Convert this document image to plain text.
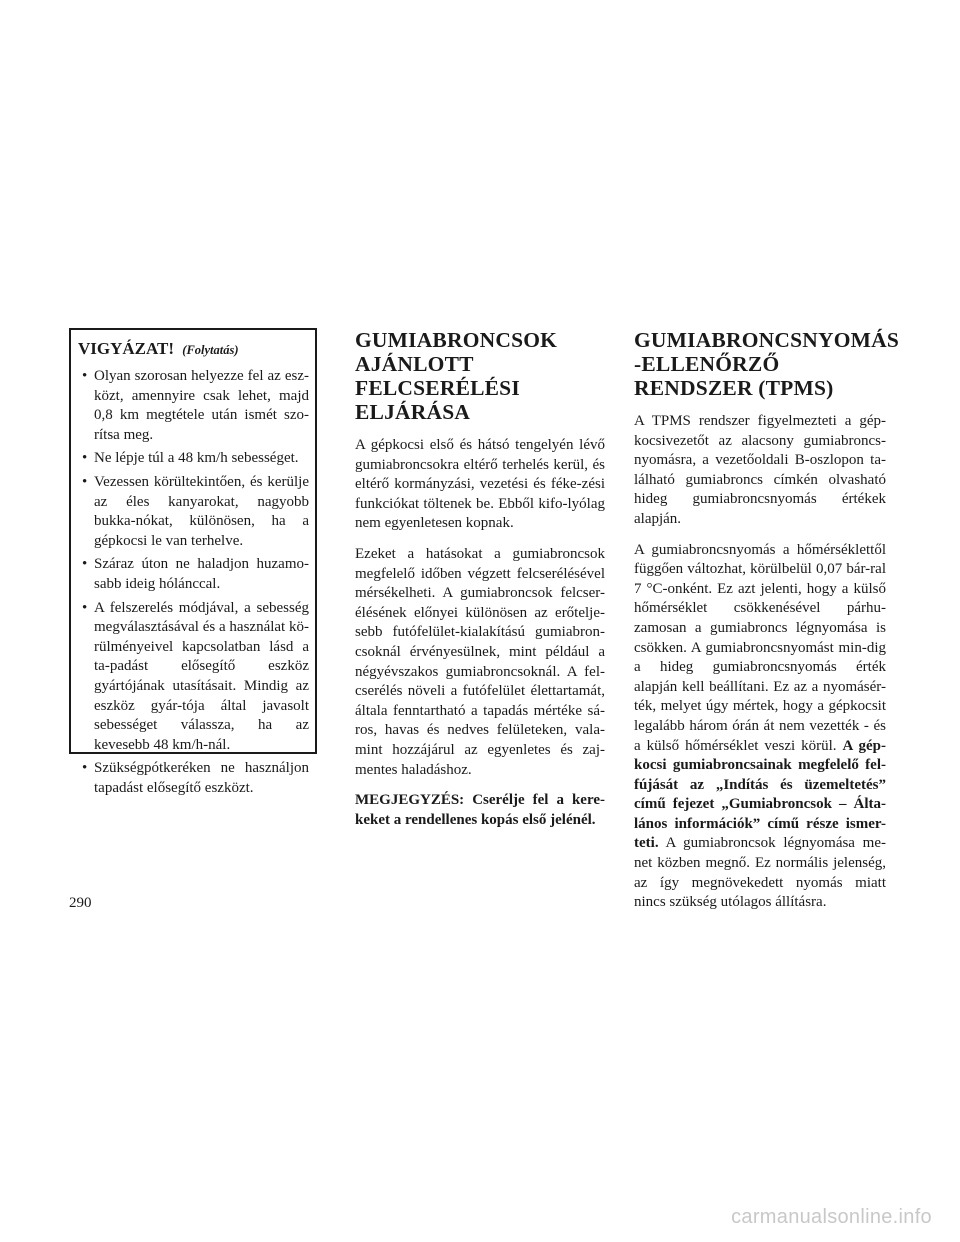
VIGYÁZAT! (Folytatás)
• Olyan szorosan helyezze fel az esz-közt, amennyire csak lehet, majd 0,8 km megtétele után ismét szo-rítsa meg.
• Ne lépje túl a 48 km/h sebességet.
• Vezessen körültekintően, és kerülje az éles kanyarokat, nagyobb bukka-nókat, különösen, ha a gépkocsi le van terhelve.
• Száraz úton ne haladjon huzamo-sabb ideig hólánccal.
• A felszerelés módjával, a sebesség megválasztásával és a használat kö-rülményeivel kapcsolatban lásd a ta-padást elősegítő eszköz gyártójának utasításait. Mindig az eszköz gyár-tója által javasolt sebességet válassza, ha az kevesebb 48 km/h-nál.
• Szükségpótkeréken ne használjon tapadást elősegítő eszközt.
GUMIABRONCSOK AJÁNLOTT FELCSERÉLÉSI ELJÁRÁSA

A gépkocsi első és hátsó tengelyén lévő gumiabroncsokra eltérő terhelés kerül, és eltérő kormányzási, vezetési és féke-zési funkciókat töltenek be. Ebből kifo-lyólag nem egyenletesen kopnak.

Ezeket a hatásokat a gumiabroncsok megfelelő időben végzett felcserélésével mérsékelheti. A gumiabroncsok felcser-élésének előnyei különösen az erőtelje-sebb futófelület-kialakítású gumiabron-csoknál érvényesülnek, mint például a négyévszakos gumiabroncsoknál. A fel-cserélés növeli a futófelület élettartamát, általa fenntartható a tapadás mértéke sá-ros, havas és nedves felületeken, vala-mint hozzájárul az egyenletes és zaj-mentes haladáshoz.

MEGJEGYZÉS: Cserélje fel a kere-keket a rendellenes kopás első jelénél.

GUMIABRONCSNYOMÁS -ELLENŐRZŐ RENDSZER (TPMS)

A TPMS rendszer figyelmezteti a gép-kocsivezetőt az alacsony gumiabroncs-nyomásra, a vezetőoldali B-oszlopon ta-lálható gumiabroncs címkén olvasható hideg gumiabroncsnyomás értékek alapján.

A gumiabroncsnyomás a hőmérséklettől függően változhat, körülbelül 0,07 bár-ral 7 °C-onként. Ez azt jelenti, hogy a külső hőmérséklet csökkenésével párhu-zamosan a gumiabroncs légnyomása is csökken. A gumiabroncsnyomást min-dig a hideg gumiabroncsnyomás érték alapján kell beállítani. Ez az a nyomásér-ték, melyet úgy mértek, hogy a gépkocsit legalább három órán át nem vezették - és a külső hőmérséklet veszi körül. A gép-kocsi gumiabroncsainak megfelelő fel-fújását az „Indítás és üzemeltetés” című fejezet „Gumiabroncsok – Álta-lános információk” című része ismer-teti. A gumiabroncsok légnyomása me-net közben megnő. Ez normális jelenség, az így megnövekedett nyomás miatt nincs szükség utólagos állításra.

290
carmanualsonline.info
